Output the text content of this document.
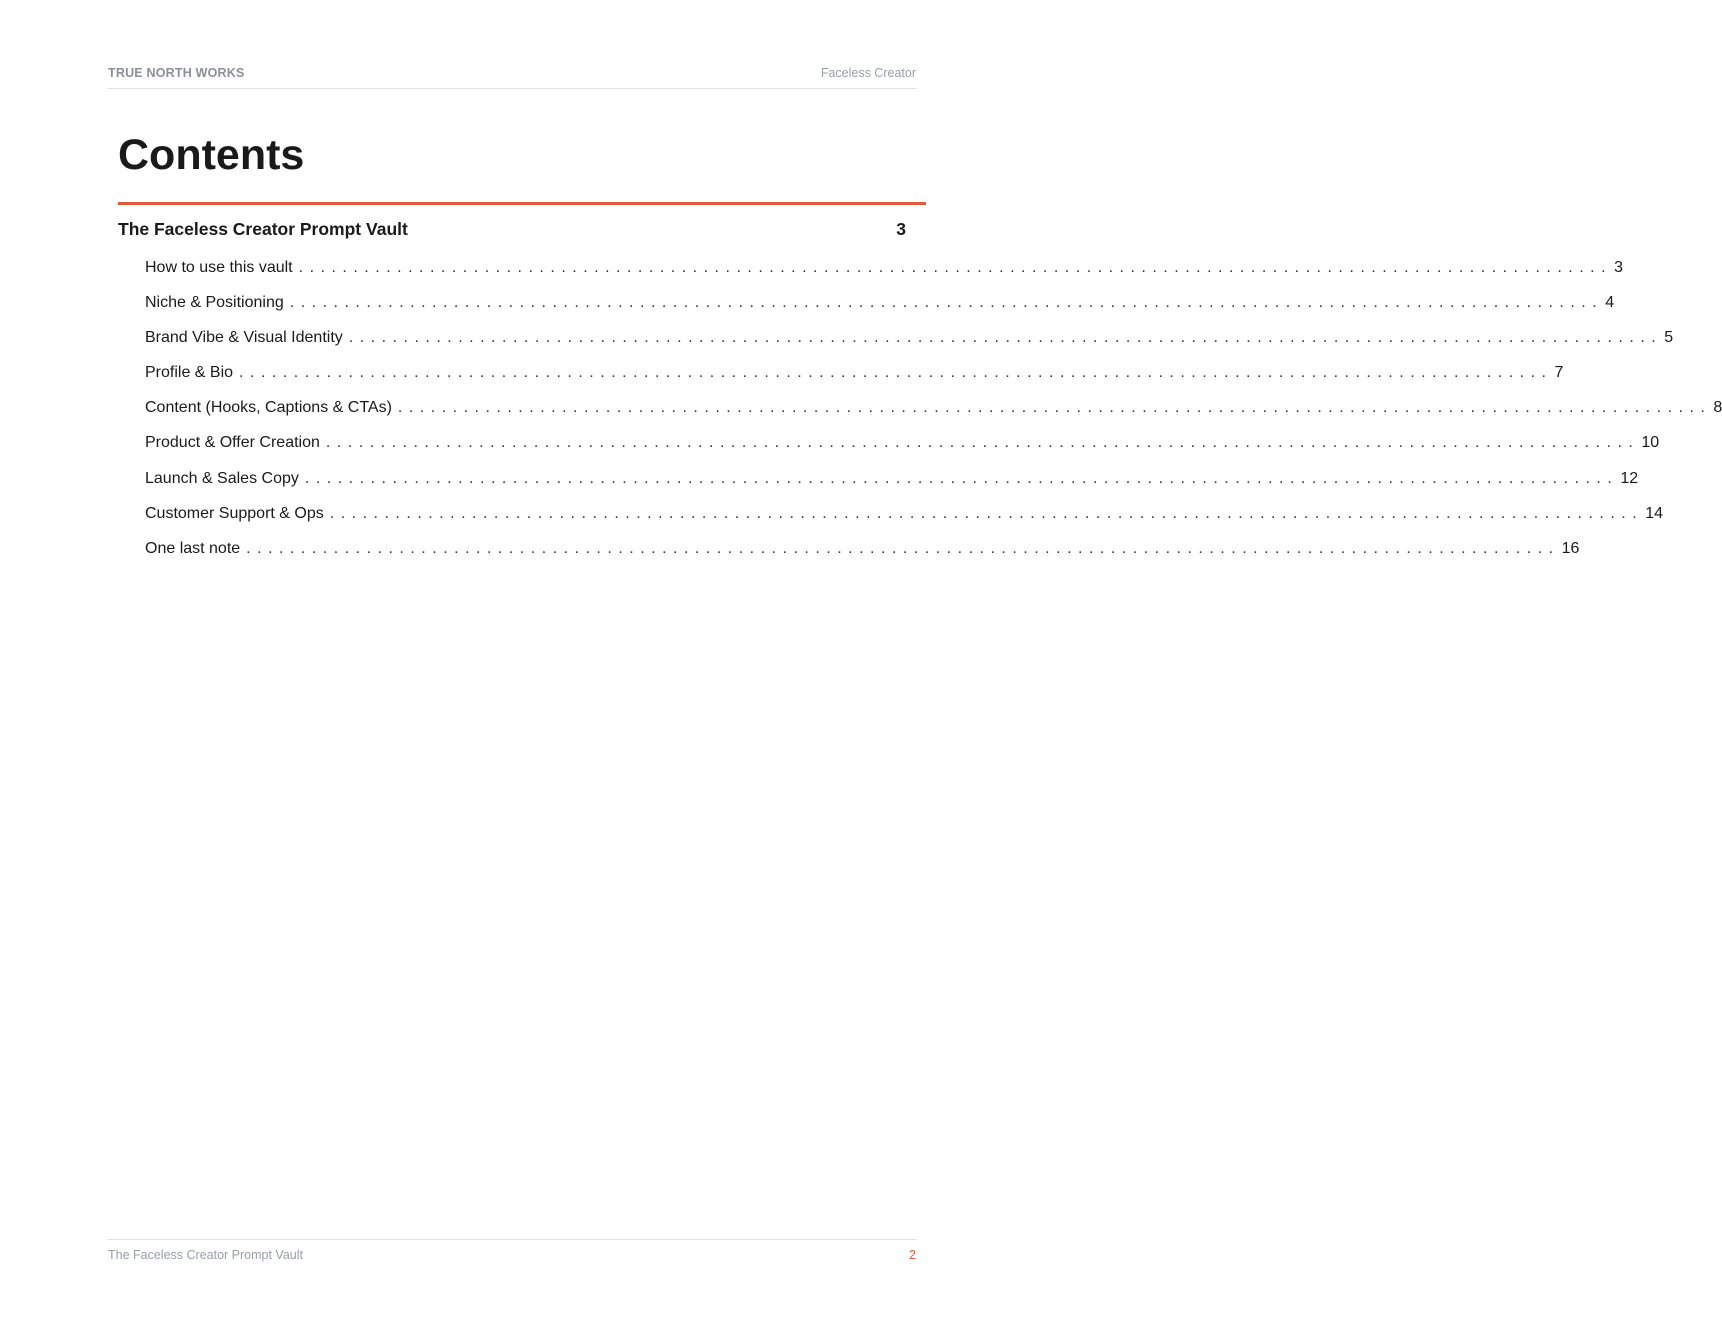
TRUE NORTH WORKS	Faceless Creator
Contents
The Faceless Creator Prompt Vault	3
How to use this vault ........................................................................................................................ 3
Niche & Positioning ........................................................................................................................ 4
Brand Vibe & Visual Identity ........................................................................................................................ 5
Profile & Bio ........................................................................................................................ 7
Content (Hooks, Captions & CTAs) ........................................................................................................................ 8
Product & Offer Creation ........................................................................................................................ 10
Launch & Sales Copy ........................................................................................................................ 12
Customer Support & Ops ........................................................................................................................ 14
One last note ........................................................................................................................ 16
The Faceless Creator Prompt Vault	2
